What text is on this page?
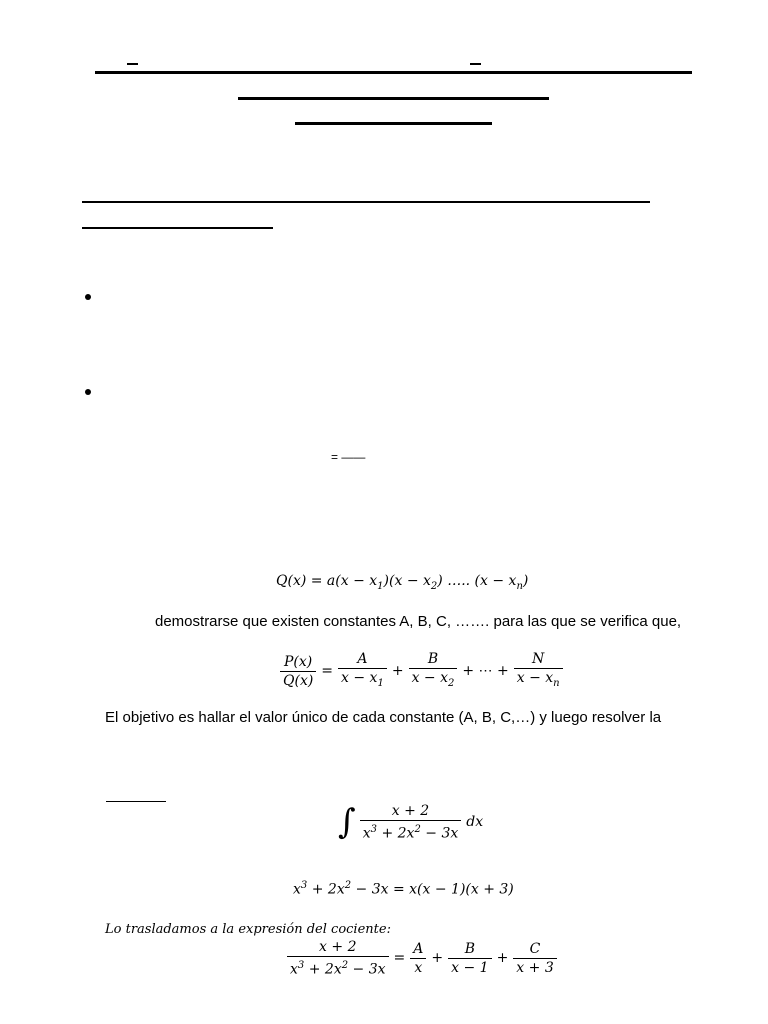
= ——
$Q(x) = a(x - x_1)(x - x_2)$ ….. $(x - x_n)$
demostrarse que existen constantes A, B, C, ……. para las que se verifica que,
$\frac{P(x)}{Q(x)} = \frac{A}{x - x_1} + \frac{B}{x - x_2}$ + ⋯ + $\frac{N}{x - x_n}$
El objetivo es hallar el valor único de cada constante (A, B, C,…) y luego resolver la
∫ $\frac{x + 2}{x^3 + 2x^2 - 3x}$ dx
$x^3 + 2x^2 - 3x = x(x - 1)(x + 3)$
Lo trasladamos a la expresión del cociente:
$\frac{x + 2}{x^3 + 2x^2 - 3x} = \frac{A}{x} + \frac{B}{x - 1} + \frac{C}{x + 3}$
